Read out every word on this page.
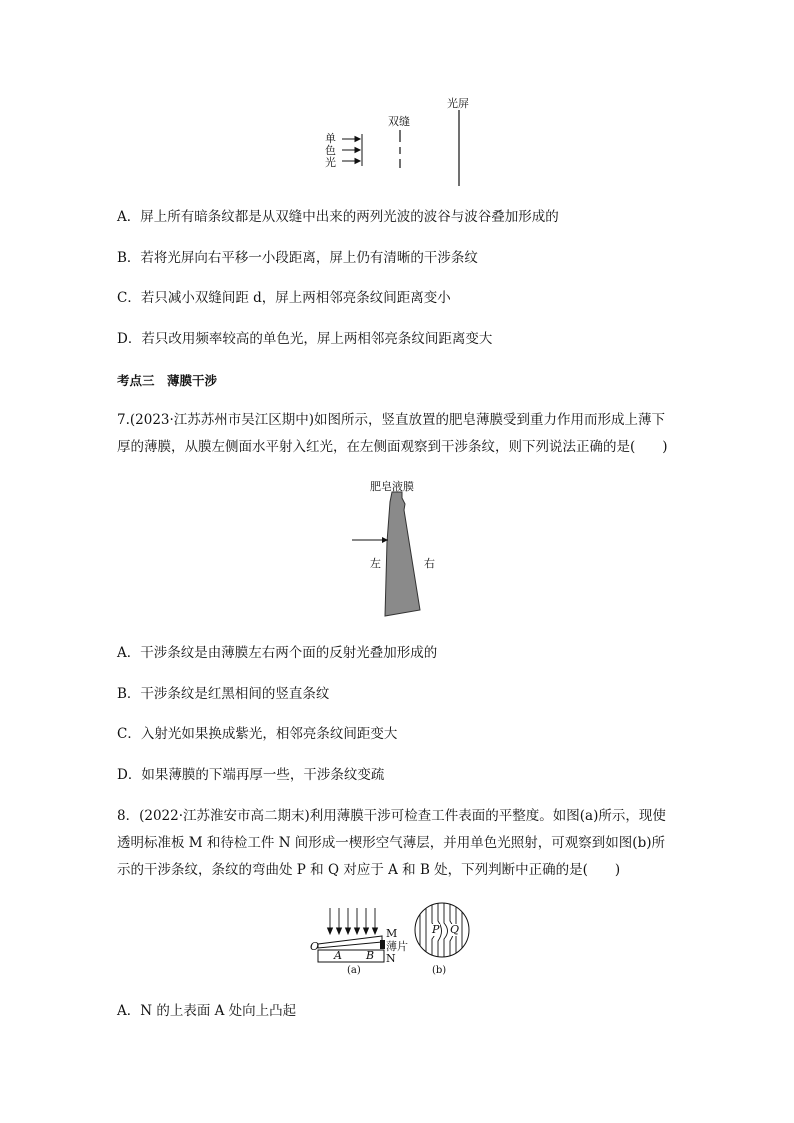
光屏
双缝
单
色
光
A．屏上所有暗条纹都是从双缝中出来的两列光波的波谷与波谷叠加形成的
B．若将光屏向右平移一小段距离，屏上仍有清晰的干涉条纹
C．若只减小双缝间距 d，屏上两相邻亮条纹间距离变小
D．若只改用频率较高的单色光，屏上两相邻亮条纹间距离变大
考点三　薄膜干涉
7.(2023·江苏苏州市吴江区期中)如图所示，竖直放置的肥皂薄膜受到重力作用而形成上薄下
厚的薄膜，从膜左侧面水平射入红光，在左侧面观察到干涉条纹，则下列说法正确的是(　　)
肥皂液膜
左	右
A．干涉条纹是由薄膜左右两个面的反射光叠加形成的
B．干涉条纹是红黑相间的竖直条纹
C．入射光如果换成紫光，相邻亮条纹间距变大
D．如果薄膜的下端再厚一些，干涉条纹变疏
8．(2022·江苏淮安市高二期末)利用薄膜干涉可检查工件表面的平整度。如图(a)所示，现使
透明标准板 M 和待检工件 N 间形成一楔形空气薄层，并用单色光照射，可观察到如图(b)所
示的干涉条纹，条纹的弯曲处 P 和 Q 对应于 A 和 B 处，下列判断中正确的是(　　)
O
A B
M
薄片
N
(a)
P Q
(b)
A．N 的上表面 A 处向上凸起
